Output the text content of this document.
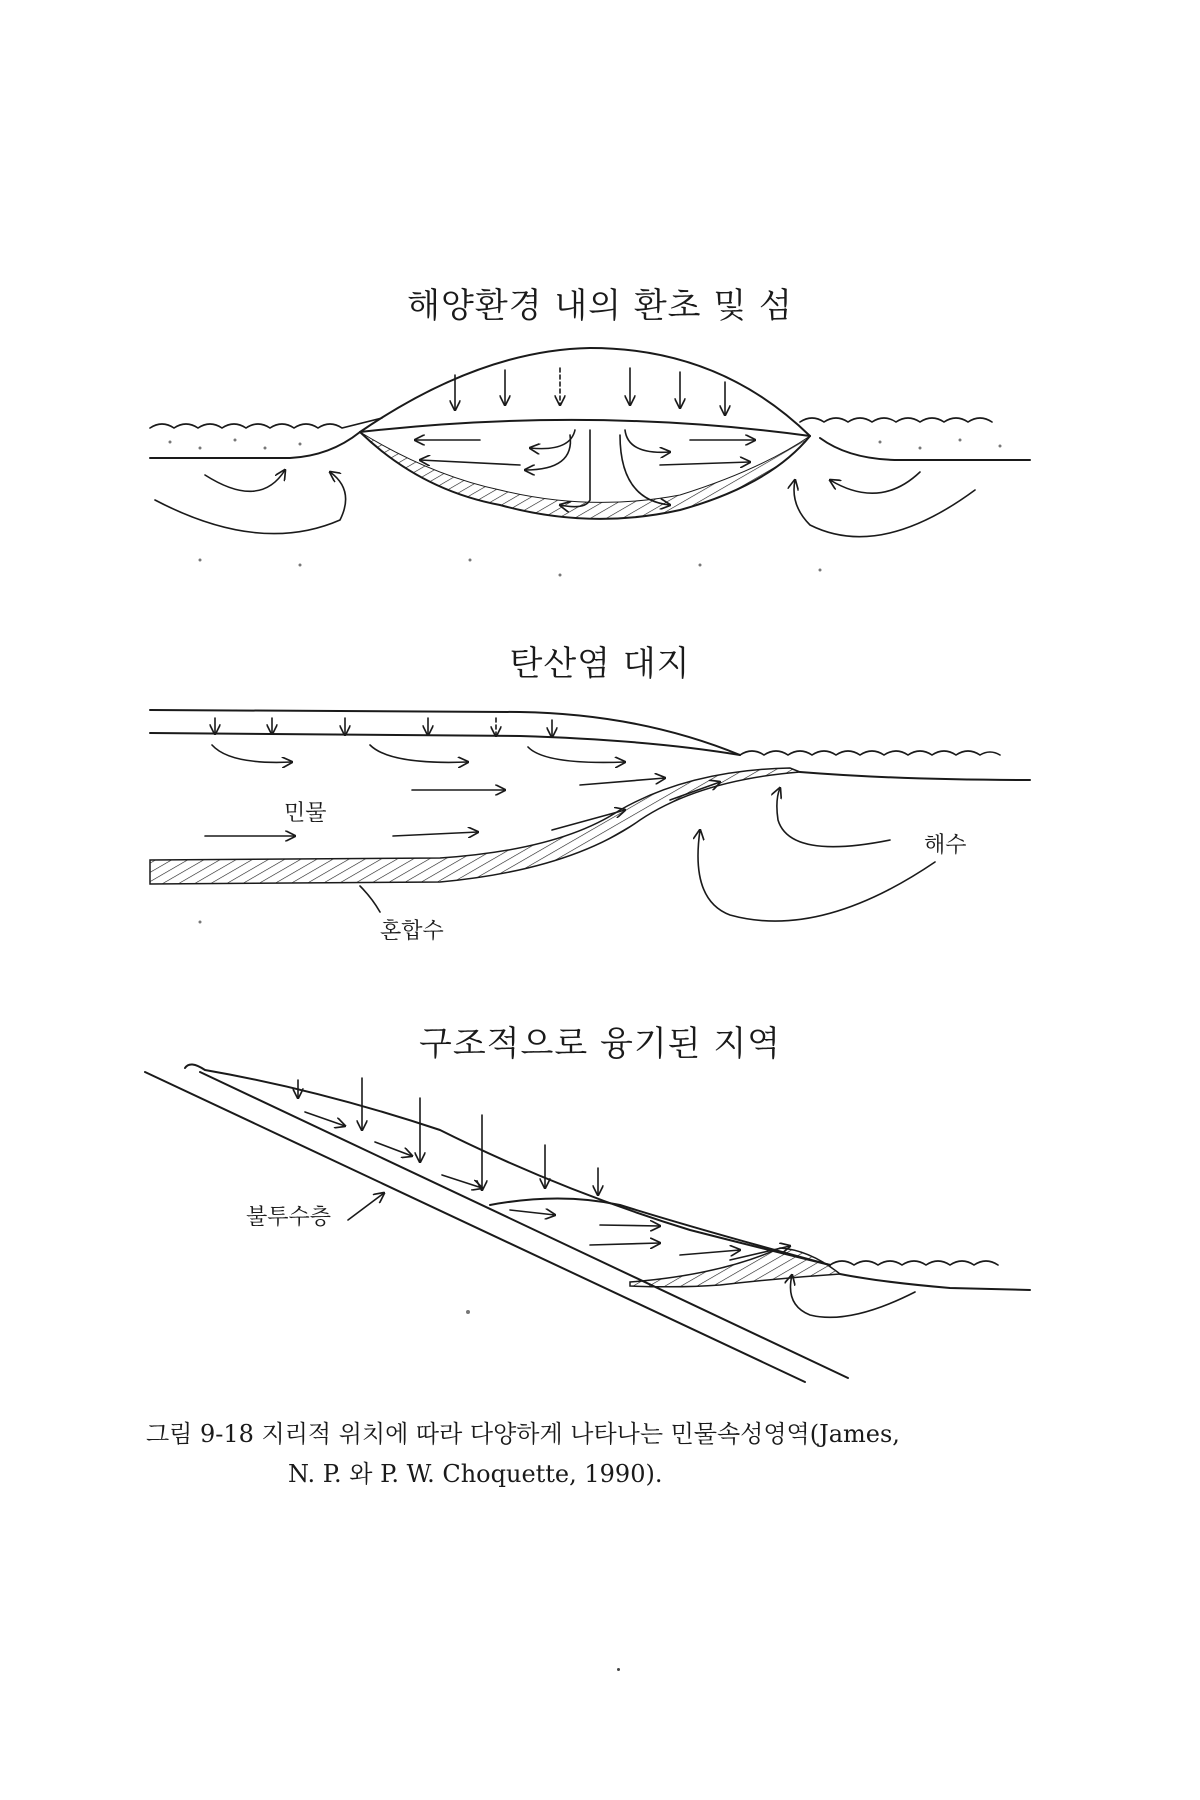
해양환경 내의 환초 및 섬
탄산염 대지
민물
해수
혼합수
구조적으로 융기된 지역
불투수층
그림 9-18 지리적 위치에 따라 다양하게 나타나는 민물속성영역(James,
N. P. 와 P. W. Choquette, 1990).
